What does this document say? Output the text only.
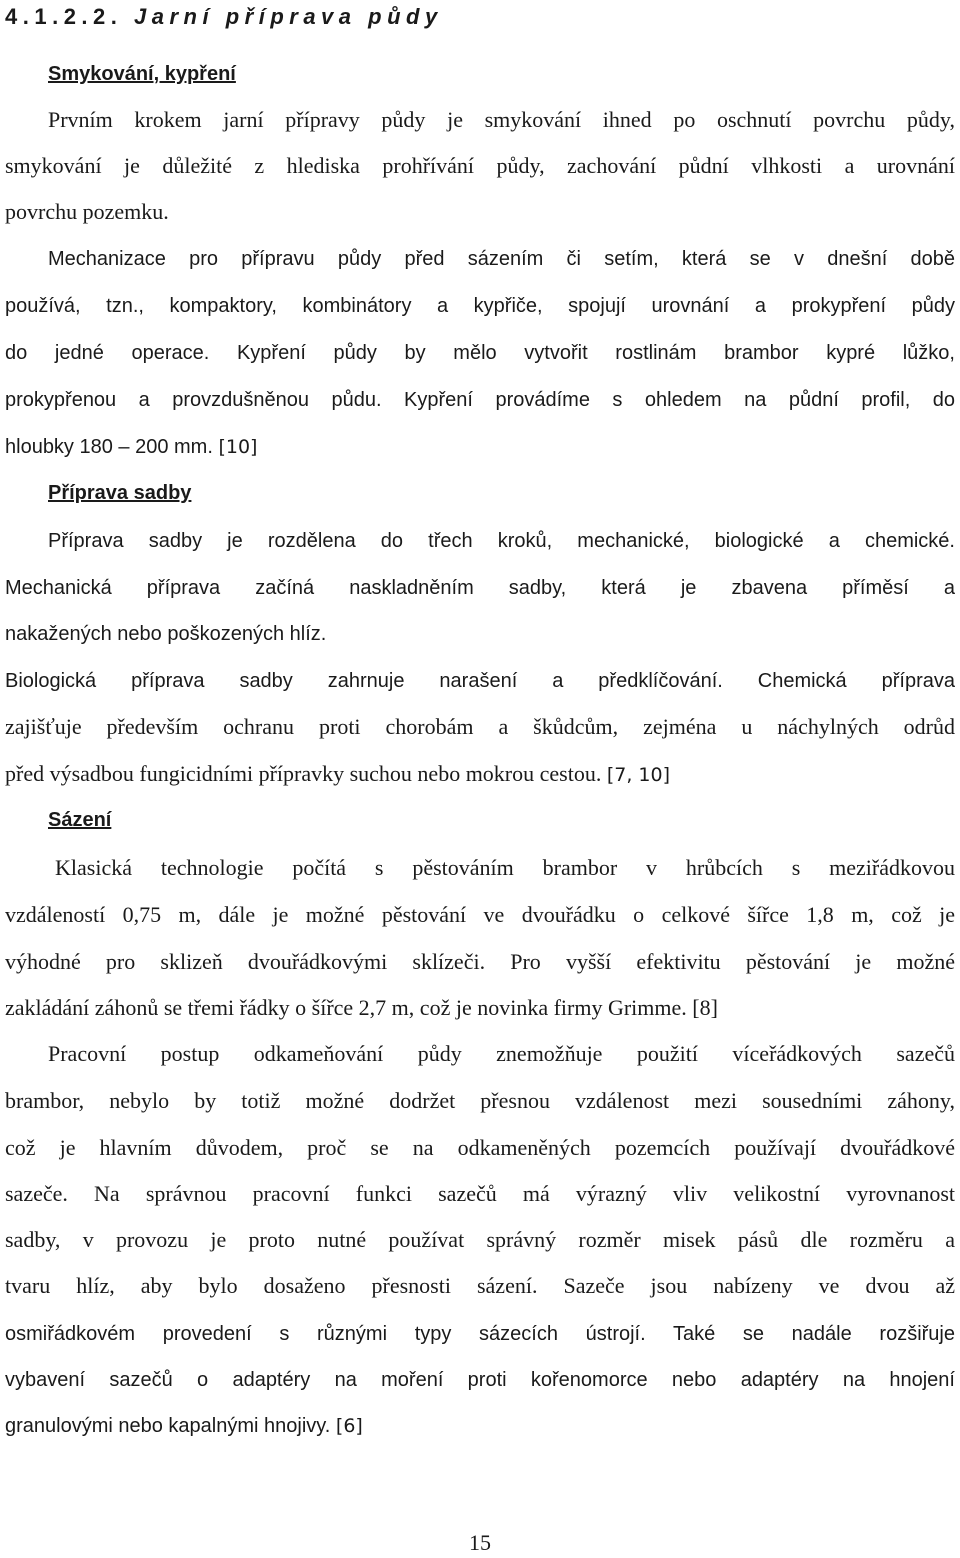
4.1.2.2. Jarní příprava půdy
Smykování, kypření
Prvním krokem jarní přípravy půdy je smykování ihned po oschnutí povrchu půdy,
smykování je důležité z hlediska prohřívání půdy, zachování půdní vlhkosti a urovnání
povrchu pozemku.
Mechanizace pro přípravu půdy před sázením či setím, která se v dnešní době
používá, tzn., kompaktory, kombinátory a kypřiče, spojují urovnání a prokypření půdy
do jedné operace. Kypření půdy by mělo vytvořit rostlinám brambor kypré lůžko,
prokypřenou a provzdušněnou půdu. Kypření provádíme s ohledem na půdní profil, do
hloubky 180 – 200 mm. [10]
Příprava sadby
Příprava sadby je rozdělena do třech kroků, mechanické, biologické a chemické.
Mechanická příprava začíná naskladněním sadby, která je zbavena příměsí a
nakažených nebo poškozených hlíz.
Biologická příprava sadby zahrnuje narašení a předklíčování. Chemická příprava
zajišťuje především ochranu proti chorobám a škůdcům, zejména u náchylných odrůd
před výsadbou fungicidními přípravky suchou nebo mokrou cestou. [7, 10]
Sázení
Klasická technologie počítá s pěstováním brambor v hrůbcích s meziřádkovou
vzdáleností 0,75 m, dále je možné pěstování ve dvouřádku o celkové šířce 1,8 m, což je
výhodné pro sklizeň dvouřádkovými sklízeči. Pro vyšší efektivitu pěstování je možné
zakládání záhonů se třemi řádky o šířce 2,7 m, což je novinka firmy Grimme. [8]
Pracovní postup odkameňování půdy znemožňuje použití víceřádkových sazečů
brambor, nebylo by totiž možné dodržet přesnou vzdálenost mezi sousedními záhony,
což je hlavním důvodem, proč se na odkameněných pozemcích používají dvouřádkové
sazeče. Na správnou pracovní funkci sazečů má výrazný vliv velikostní vyrovnanost
sadby, v provozu je proto nutné používat správný rozměr misek pásů dle rozměru a
tvaru hlíz, aby bylo dosaženo přesnosti sázení. Sazeče jsou nabízeny ve dvou až
osmiřádkovém provedení s různými typy sázecích ústrojí. Také se nadále rozšiřuje
vybavení sazečů o adaptéry na moření proti kořenomorce nebo adaptéry na hnojení
granulovými nebo kapalnými hnojivy. [6]
15
